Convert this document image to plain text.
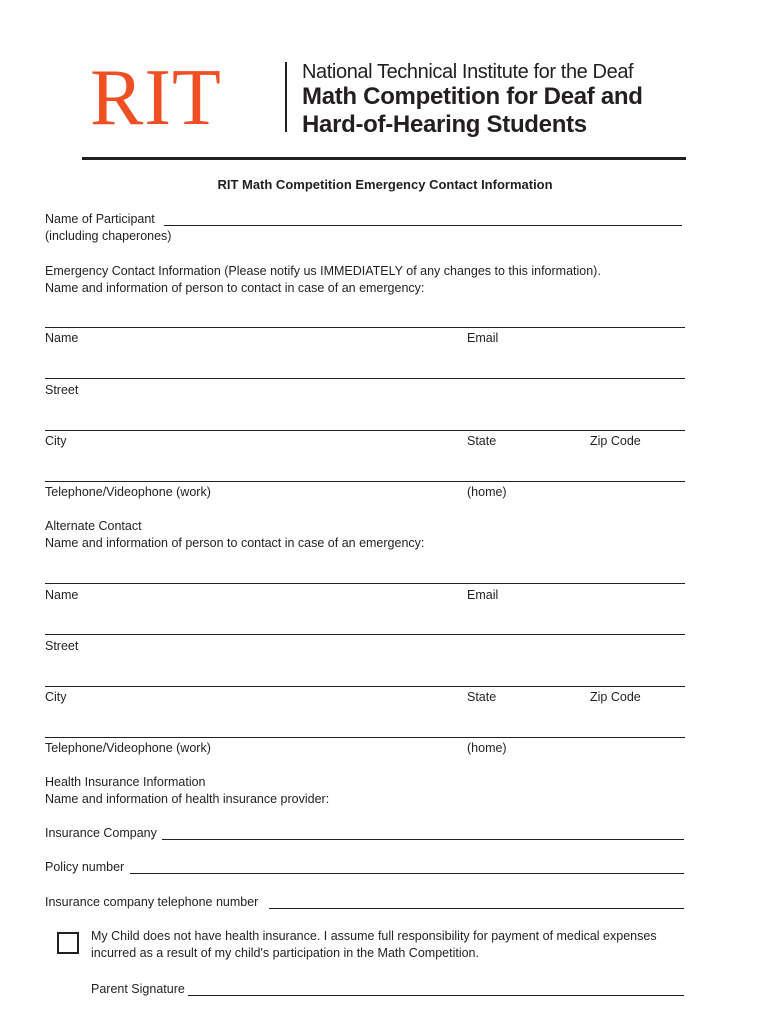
RIT	National Technical Institute for the Deaf
Math Competition for Deaf and
Hard-of-Hearing Students
RIT Math Competition Emergency Contact Information
Name of Participant
(including chaperones)
Emergency Contact Information (Please notify us IMMEDIATELY of any changes to this information).
Name and information of person to contact in case of an emergency:
Name	Email
Street
City	State	Zip Code
Telephone/Videophone (work)	(home)
Alternate Contact
Name and information of person to contact in case of an emergency:
Name	Email
Street
City	State	Zip Code
Telephone/Videophone (work)	(home)
Health Insurance Information
Name and information of health insurance provider:
Insurance Company
Policy number
Insurance company telephone number
My Child does not have health insurance. I assume full responsibility for payment of medical expenses
incurred as a result of my child's participation in the Math Competition.
Parent Signature
